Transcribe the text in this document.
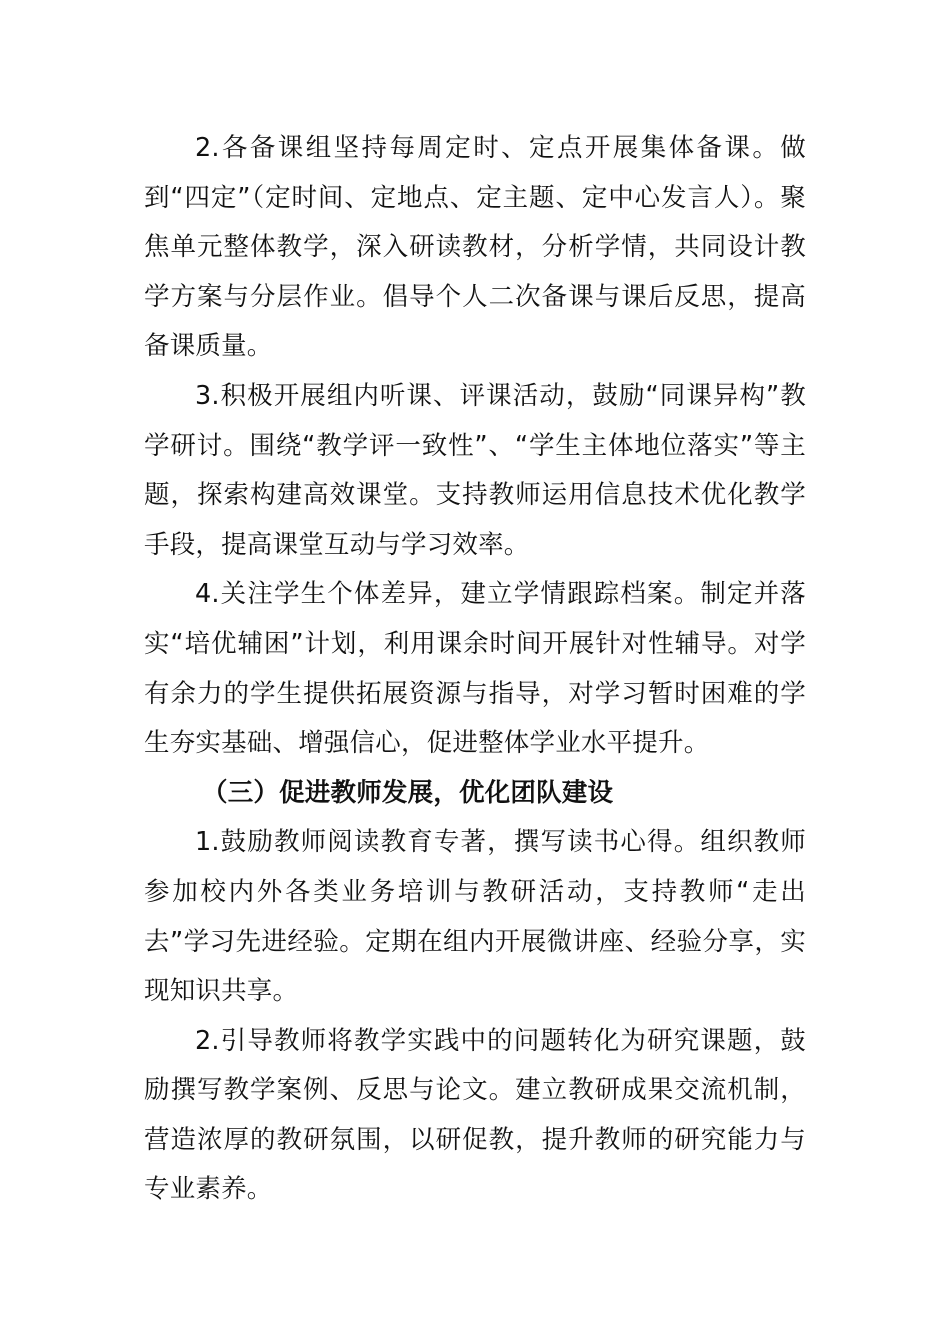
2.各备课组坚持每周定时、定点开展集体备课。做到“四定”（定时间、定地点、定主题、定中心发言人）。聚焦单元整体教学，深入研读教材，分析学情，共同设计教学方案与分层作业。倡导个人二次备课与课后反思，提高备课质量。

3.积极开展组内听课、评课活动，鼓励“同课异构”教学研讨。围绕“教学评一致性”、“学生主体地位落实”等主题，探索构建高效课堂。支持教师运用信息技术优化教学手段，提高课堂互动与学习效率。

4.关注学生个体差异，建立学情跟踪档案。制定并落实“培优辅困”计划，利用课余时间开展针对性辅导。对学有余力的学生提供拓展资源与指导，对学习暂时困难的学生夯实基础、增强信心，促进整体学业水平提升。

（三）促进教师发展，优化团队建设

1.鼓励教师阅读教育专著，撰写读书心得。组织教师参加校内外各类业务培训与教研活动，支持教师“走出去”学习先进经验。定期在组内开展微讲座、经验分享，实现知识共享。

2.引导教师将教学实践中的问题转化为研究课题，鼓励撰写教学案例、反思与论文。建立教研成果交流机制，营造浓厚的教研氛围，以研促教，提升教师的研究能力与专业素养。
